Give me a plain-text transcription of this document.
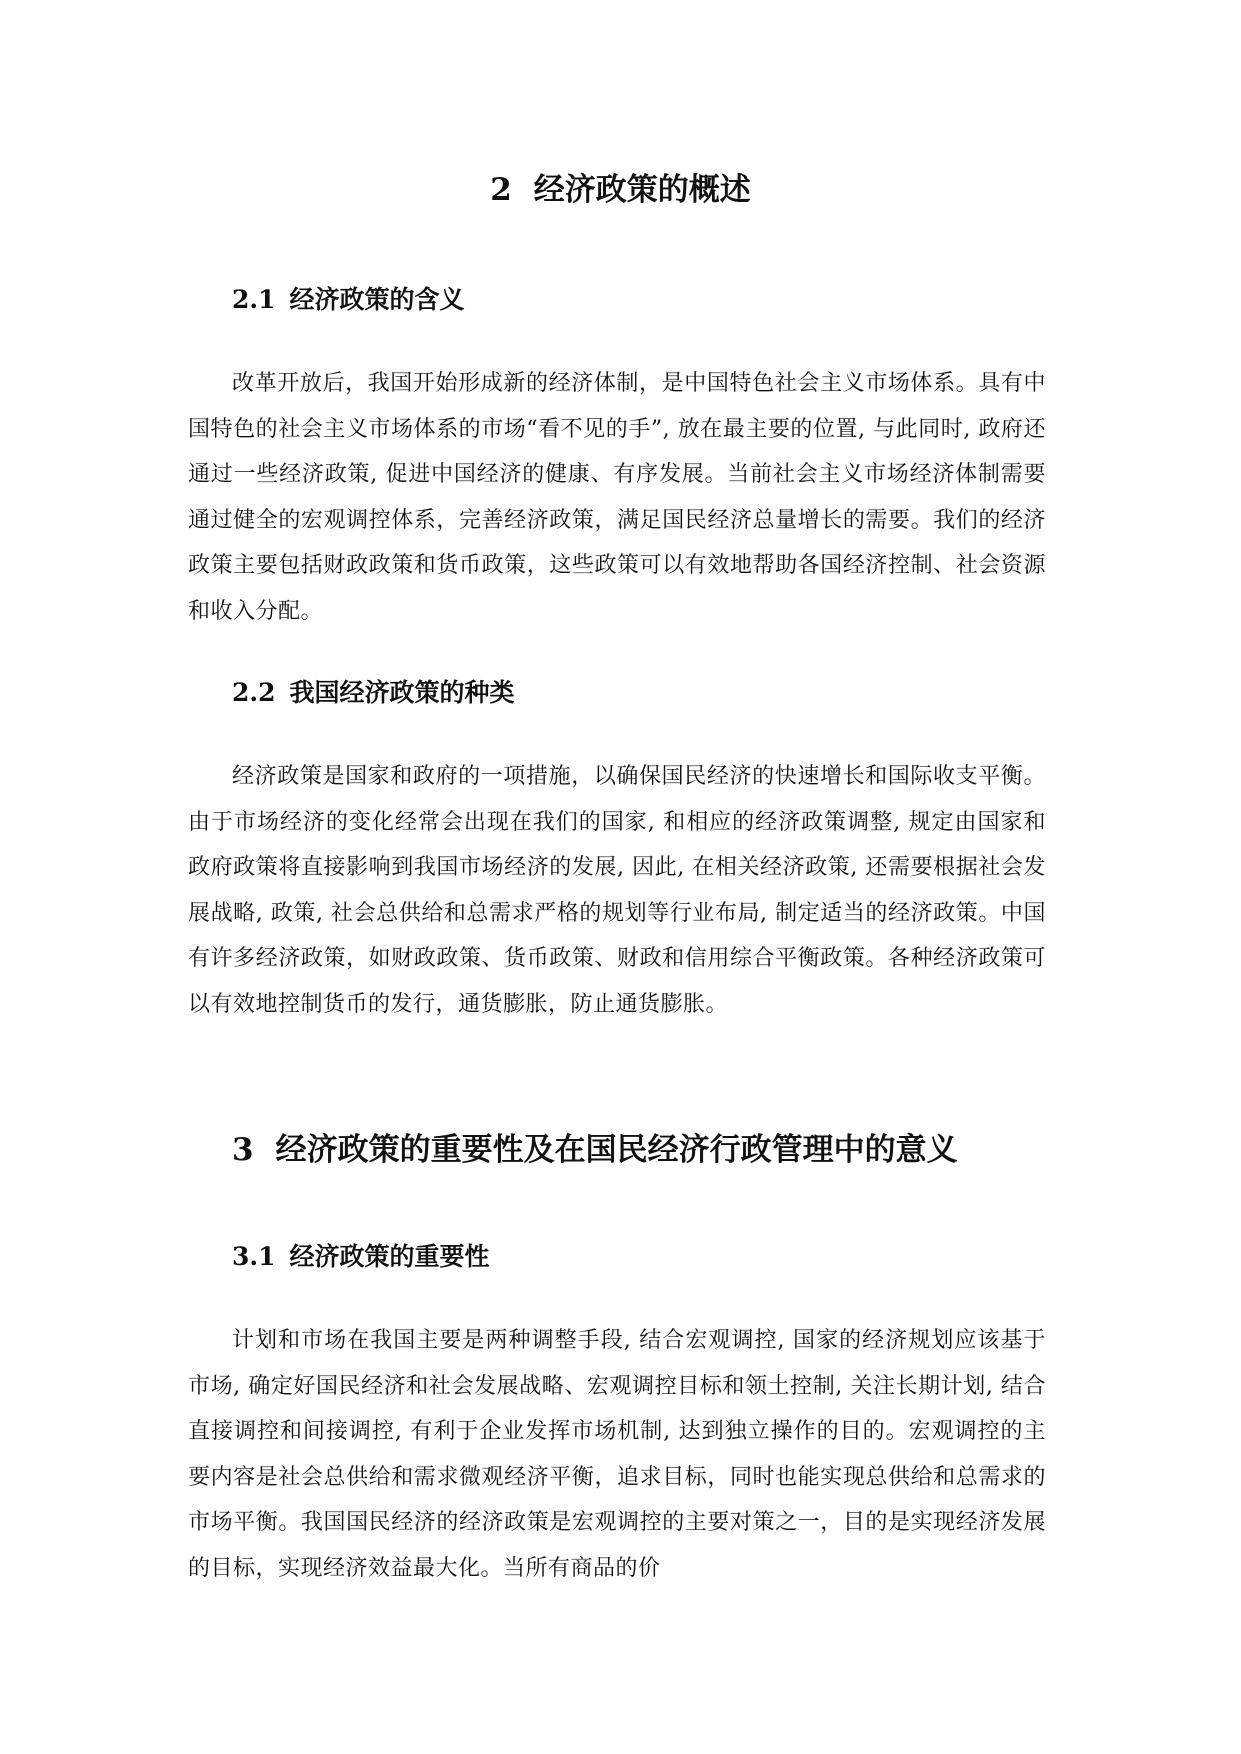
2 经济政策的概述
2.1 经济政策的含义

改革开放后，我国开始形成新的经济体制，是中国特色社会主义市场体系。具有中国特色的社会主义市场体系的市场“看不见的手”, 放在最主要的位置, 与此同时, 政府还通过一些经济政策, 促进中国经济的健康、有序发展。当前社会主义市场经济体制需要通过健全的宏观调控体系，完善经济政策，满足国民经济总量增长的需要。我们的经济政策主要包括财政政策和货币政策，这些政策可以有效地帮助各国经济控制、社会资源和收入分配。

2.2 我国经济政策的种类

经济政策是国家和政府的一项措施，以确保国民经济的快速增长和国际收支平衡。由于市场经济的变化经常会出现在我们的国家, 和相应的经济政策调整, 规定由国家和政府政策将直接影响到我国市场经济的发展, 因此, 在相关经济政策, 还需要根据社会发展战略, 政策, 社会总供给和总需求严格的规划等行业布局, 制定适当的经济政策。中国有许多经济政策，如财政政策、货币政策、财政和信用综合平衡政策。各种经济政策可以有效地控制货币的发行，通货膨胀，防止通货膨胀。

3 经济政策的重要性及在国民经济行政管理中的意义
3.1 经济政策的重要性

计划和市场在我国主要是两种调整手段, 结合宏观调控, 国家的经济规划应该基于市场, 确定好国民经济和社会发展战略、宏观调控目标和领土控制, 关注长期计划, 结合直接调控和间接调控, 有利于企业发挥市场机制, 达到独立操作的目的。宏观调控的主要内容是社会总供给和需求微观经济平衡，追求目标，同时也能实现总供给和总需求的市场平衡。我国国民经济的经济政策是宏观调控的主要对策之一，目的是实现经济发展的目标，实现经济效益最大化。当所有商品的价
